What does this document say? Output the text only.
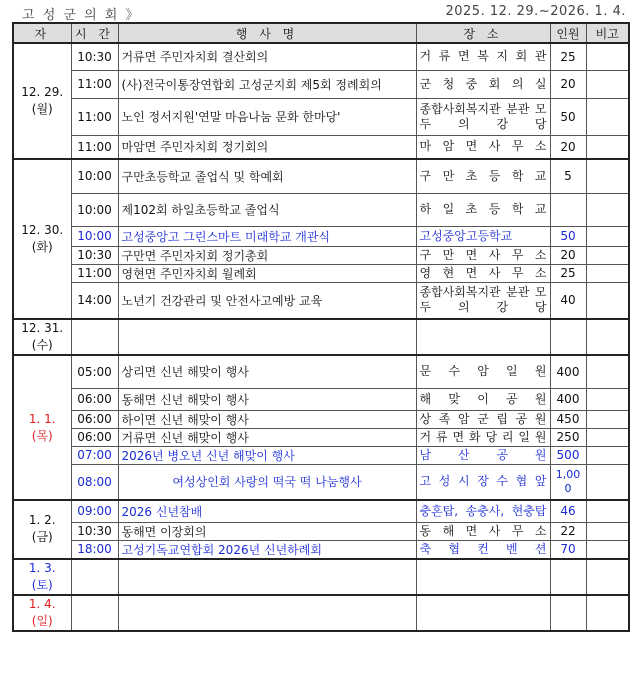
고 성 군 의 회 》	2025. 12. 29.~2026. 1. 4.
자	시 간	행 사 명	장 소	인원	비고

12. 29.
(월)	10:30	거류면 주민자치회 결산회의	거 류 면 복 지 회 관	25	
	11:00	(사)전국이통장연합회 고성군지회 제5회 정례회의	군 청 중 회 의 실	20	
	11:00	노인 정서지원'연말 마음나눔 문화 한마당'	종합사회복지관 분관 모 두 의 강 당	50	
	11:00	마암면 주민자치회 정기회의	마 암 면 사 무 소	20	

12. 30.
(화)	10:00	구만초등학교 졸업식 및 학예회	구 만 초 등 학 교	5	
	10:00	제102회 하일초등학교 졸업식	하 일 초 등 학 교		
	10:00	고성중앙고 그린스마트 미래학교 개관식	고성중앙고등학교	50	
	10:30	구만면 주민자치회 정기총회	구 만 면 사 무 소	20	
	11:00	영현면 주민자치회 월례회	영 현 면 사 무 소	25	
	14:00	노년기 건강관리 및 안전사고예방 교육	종합사회복지관 분관 모 두 의 강 당	40	

12. 31.
(수)					

1. 1.
(목)	05:00	상리면 신년 해맞이 행사	문 수 암 일 원	400	
	06:00	동해면 신년 해맞이 행사	해 맞 이 공 원	400	
	06:00	하이면 신년 해맞이 행사	상 족 암 군 립 공 원	450	
	06:00	거류면 신년 해맞이 행사	거 류 면 화 당 리 일 원	250	
	07:00	2026년 병오년 신년 해맞이 행사	남 산 공 원	500	
	08:00	여성상인회 사랑의 떡국 떡 나눔행사	고 성 시 장 수 협 앞	1,000	

1. 2.
(금)	09:00	2026 신년참배	충혼탑, 송충사, 현충탑	46	
	10:30	동해면 이장회의	동 해 면 사 무 소	22	
	18:00	고성기독교연합회 2026년 신년하례회	축 협 컨 벤 션	70	

1. 3.
(토)					

1. 4.
(일)					
